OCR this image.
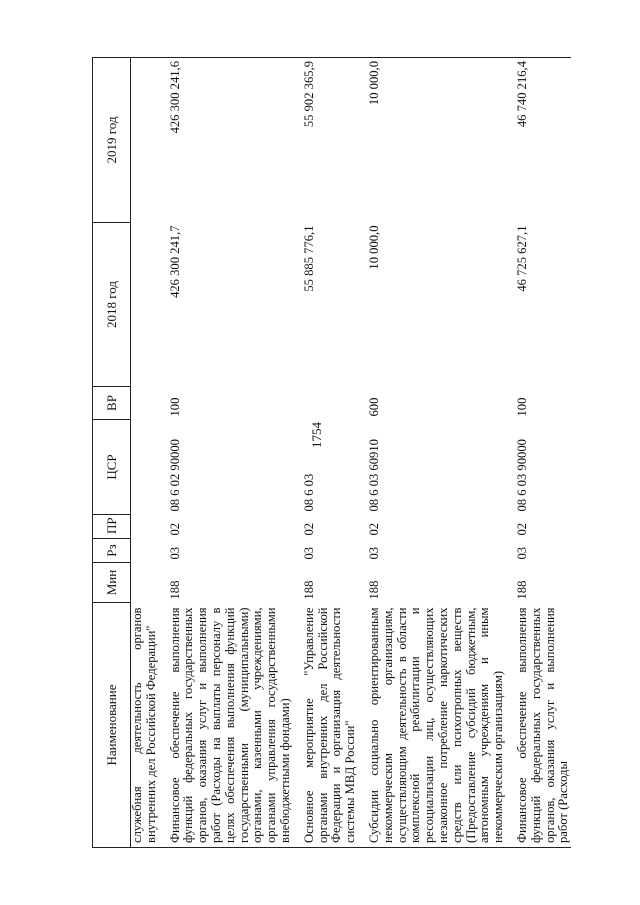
1754
Наименование	Мин	Рз	ПР	ЦСР	ВР	2018 год	2019 год
служебная деятельность органов внутренних дел Российской Федерации"							
Финансовое обеспечение выполнения функций федеральных государственных органов, оказания услуг и выполнения работ (Расходы на выплаты персоналу в целях обеспечения выполнения функций государственными (муниципальными) органами, казенными учреждениями, органами управления государственными внебюджетными фондами)	188	03	02	08 6 02 90000	100	426 300 241,7	426 300 241,6
Основное мероприятие "Управление органами внутренних дел Российской Федерации и организация деятельности системы МВД России"	188	03	02	08 6 03		55 885 776,1	55 902 365,9
Субсидии социально ориентированным некоммерческим организациям, осуществляющим деятельность в области комплексной реабилитации и ресоциализации лиц, осуществляющих незаконное потребление наркотических средств или психотропных веществ (Предоставление субсидий бюджетным, автономным учреждениям и иным некоммерческим организациям)	188	03	02	08 6 03 60910	600	10 000,0	10 000,0
Финансовое обеспечение выполнения функций федеральных государственных органов, оказания услуг и выполнения работ (Расходы	188	03	02	08 6 03 90000	100	46 725 627,1	46 740 216,4
